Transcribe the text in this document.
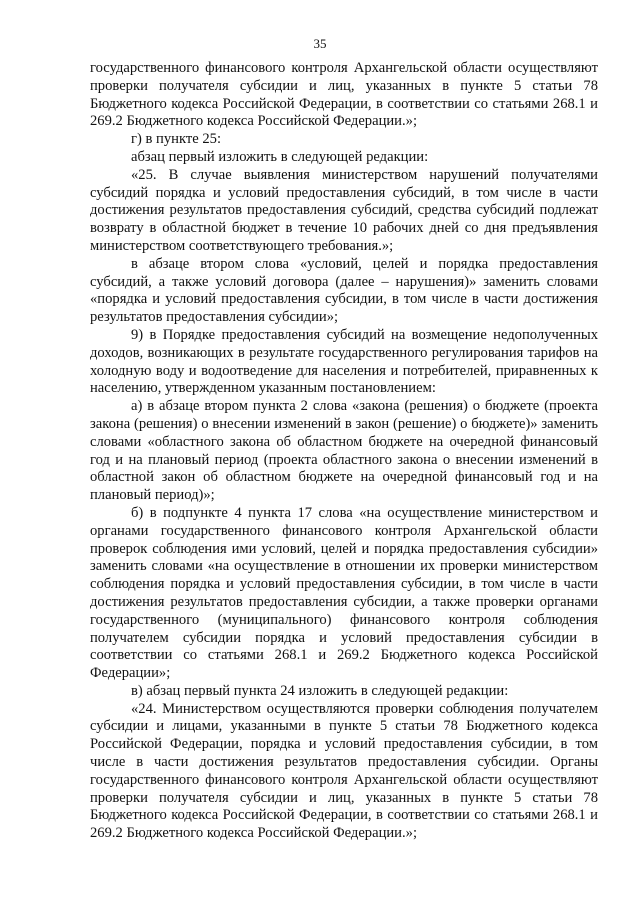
35

государственного финансового контроля Архангельской области осуществляют проверки получателя субсидии и лиц, указанных в пункте 5 статьи 78 Бюджетного кодекса Российской Федерации, в соответствии со статьями 268.1 и 269.2 Бюджетного кодекса Российской Федерации.»;

г) в пункте 25:

абзац первый изложить в следующей редакции:

«25. В случае выявления министерством нарушений получателями субсидий порядка и условий предоставления субсидий, в том числе в части достижения результатов предоставления субсидий, средства субсидий подлежат возврату в областной бюджет в течение 10 рабочих дней со дня предъявления министерством соответствующего требования.»;

в абзаце втором слова «условий, целей и порядка предоставления субсидий, а также условий договора (далее – нарушения)» заменить словами «порядка и условий предоставления субсидии, в том числе в части достижения результатов предоставления субсидии»;

9) в Порядке предоставления субсидий на возмещение недополученных доходов, возникающих в результате государственного регулирования тарифов на холодную воду и водоотведение для населения и потребителей, приравненных к населению, утвержденном указанным постановлением:

а) в абзаце втором пункта 2 слова «закона (решения) о бюджете (проекта закона (решения) о внесении изменений в закон (решение) о бюджете)» заменить словами «областного закона об областном бюджете на очередной финансовый год и на плановый период (проекта областного закона о внесении изменений в областной закон об областном бюджете на очередной финансовый год и на плановый период)»;

б) в подпункте 4 пункта 17 слова «на осуществление министерством и органами государственного финансового контроля Архангельской области проверок соблюдения ими условий, целей и порядка предоставления субсидии» заменить словами «на осуществление в отношении их проверки министерством соблюдения порядка и условий предоставления субсидии, в том числе в части достижения результатов предоставления субсидии, а также проверки органами государственного (муниципального) финансового контроля соблюдения получателем субсидии порядка и условий предоставления субсидии в соответствии со статьями 268.1 и 269.2 Бюджетного кодекса Российской Федерации»;

в) абзац первый пункта 24 изложить в следующей редакции:

«24. Министерством осуществляются проверки соблюдения получателем субсидии и лицами, указанными в пункте 5 статьи 78 Бюджетного кодекса Российской Федерации, порядка и условий предоставления субсидии, в том числе в части достижения результатов предоставления субсидии. Органы государственного финансового контроля Архангельской области осуществляют проверки получателя субсидии и лиц, указанных в пункте 5 статьи 78 Бюджетного кодекса Российской Федерации, в соответствии со статьями 268.1 и 269.2 Бюджетного кодекса Российской Федерации.»;
